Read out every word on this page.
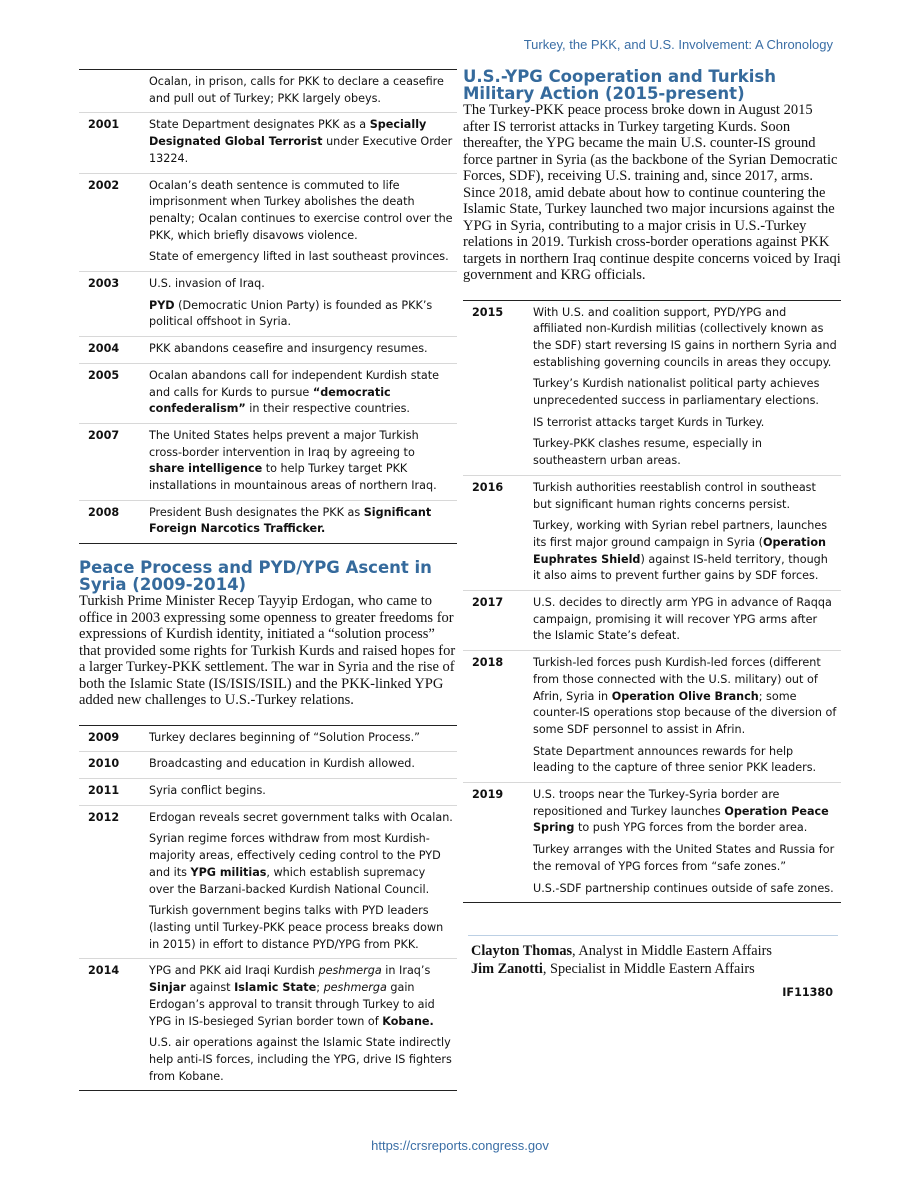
Turkey, the PKK, and U.S. Involvement: A Chronology

	Ocalan, in prison, calls for PKK to declare a ceasefire and pull out of Turkey; PKK largely obeys.

2001	State Department designates PKK as a Specially Designated Global Terrorist under Executive Order 13224.

2002	Ocalan’s death sentence is commuted to life imprisonment when Turkey abolishes the death penalty; Ocalan continues to exercise control over the PKK, which briefly disavows violence.

State of emergency lifted in last southeast provinces.

2003	U.S. invasion of Iraq.

PYD (Democratic Union Party) is founded as PKK’s political offshoot in Syria.

2004	PKK abandons ceasefire and insurgency resumes.

2005	Ocalan abandons call for independent Kurdish state and calls for Kurds to pursue “democratic confederalism” in their respective countries.

2007	The United States helps prevent a major Turkish cross-border intervention in Iraq by agreeing to share intelligence to help Turkey target PKK installations in mountainous areas of northern Iraq.

2008	President Bush designates the PKK as Significant Foreign Narcotics Trafficker.

Peace Process and PYD/YPG Ascent in Syria (2009-2014)

Turkish Prime Minister Recep Tayyip Erdogan, who came to office in 2003 expressing some openness to greater freedoms for expressions of Kurdish identity, initiated a “solution process” that provided some rights for Turkish Kurds and raised hopes for a larger Turkey-PKK settlement. The war in Syria and the rise of both the Islamic State (IS/ISIS/ISIL) and the PKK-linked YPG added new challenges to U.S.-Turkey relations.

2009	Turkey declares beginning of “Solution Process.”

2010	Broadcasting and education in Kurdish allowed.

2011	Syria conflict begins.

2012	Erdogan reveals secret government talks with Ocalan.

Syrian regime forces withdraw from most Kurdish-majority areas, effectively ceding control to the PYD and its YPG militias, which establish supremacy over the Barzani-backed Kurdish National Council.

Turkish government begins talks with PYD leaders (lasting until Turkey-PKK peace process breaks down in 2015) in effort to distance PYD/YPG from PKK.

2014	YPG and PKK aid Iraqi Kurdish peshmerga in Iraq’s Sinjar against Islamic State; peshmerga gain Erdogan’s approval to transit through Turkey to aid YPG in IS-besieged Syrian border town of Kobane.

U.S. air operations against the Islamic State indirectly help anti-IS forces, including the YPG, drive IS fighters from Kobane.

U.S.-YPG Cooperation and Turkish Military Action (2015-present)

The Turkey-PKK peace process broke down in August 2015 after IS terrorist attacks in Turkey targeting Kurds. Soon thereafter, the YPG became the main U.S. counter-IS ground force partner in Syria (as the backbone of the Syrian Democratic Forces, SDF), receiving U.S. training and, since 2017, arms. Since 2018, amid debate about how to continue countering the Islamic State, Turkey launched two major incursions against the YPG in Syria, contributing to a major crisis in U.S.-Turkey relations in 2019. Turkish cross-border operations against PKK targets in northern Iraq continue despite concerns voiced by Iraqi government and KRG officials.

2015	With U.S. and coalition support, PYD/YPG and affiliated non-Kurdish militias (collectively known as the SDF) start reversing IS gains in northern Syria and establishing governing councils in areas they occupy.

Turkey’s Kurdish nationalist political party achieves unprecedented success in parliamentary elections.

IS terrorist attacks target Kurds in Turkey.

Turkey-PKK clashes resume, especially in southeastern urban areas.

2016	Turkish authorities reestablish control in southeast but significant human rights concerns persist.

Turkey, working with Syrian rebel partners, launches its first major ground campaign in Syria (Operation Euphrates Shield) against IS-held territory, though it also aims to prevent further gains by SDF forces.

2017	U.S. decides to directly arm YPG in advance of Raqqa campaign, promising it will recover YPG arms after the Islamic State’s defeat.

2018	Turkish-led forces push Kurdish-led forces (different from those connected with the U.S. military) out of Afrin, Syria in Operation Olive Branch; some counter-IS operations stop because of the diversion of some SDF personnel to assist in Afrin.

State Department announces rewards for help leading to the capture of three senior PKK leaders.

2019	U.S. troops near the Turkey-Syria border are repositioned and Turkey launches Operation Peace Spring to push YPG forces from the border area.

Turkey arranges with the United States and Russia for the removal of YPG forces from “safe zones.”

U.S.-SDF partnership continues outside of safe zones.

Clayton Thomas, Analyst in Middle Eastern Affairs
Jim Zanotti, Specialist in Middle Eastern Affairs
IF11380
https://crsreports.congress.gov
